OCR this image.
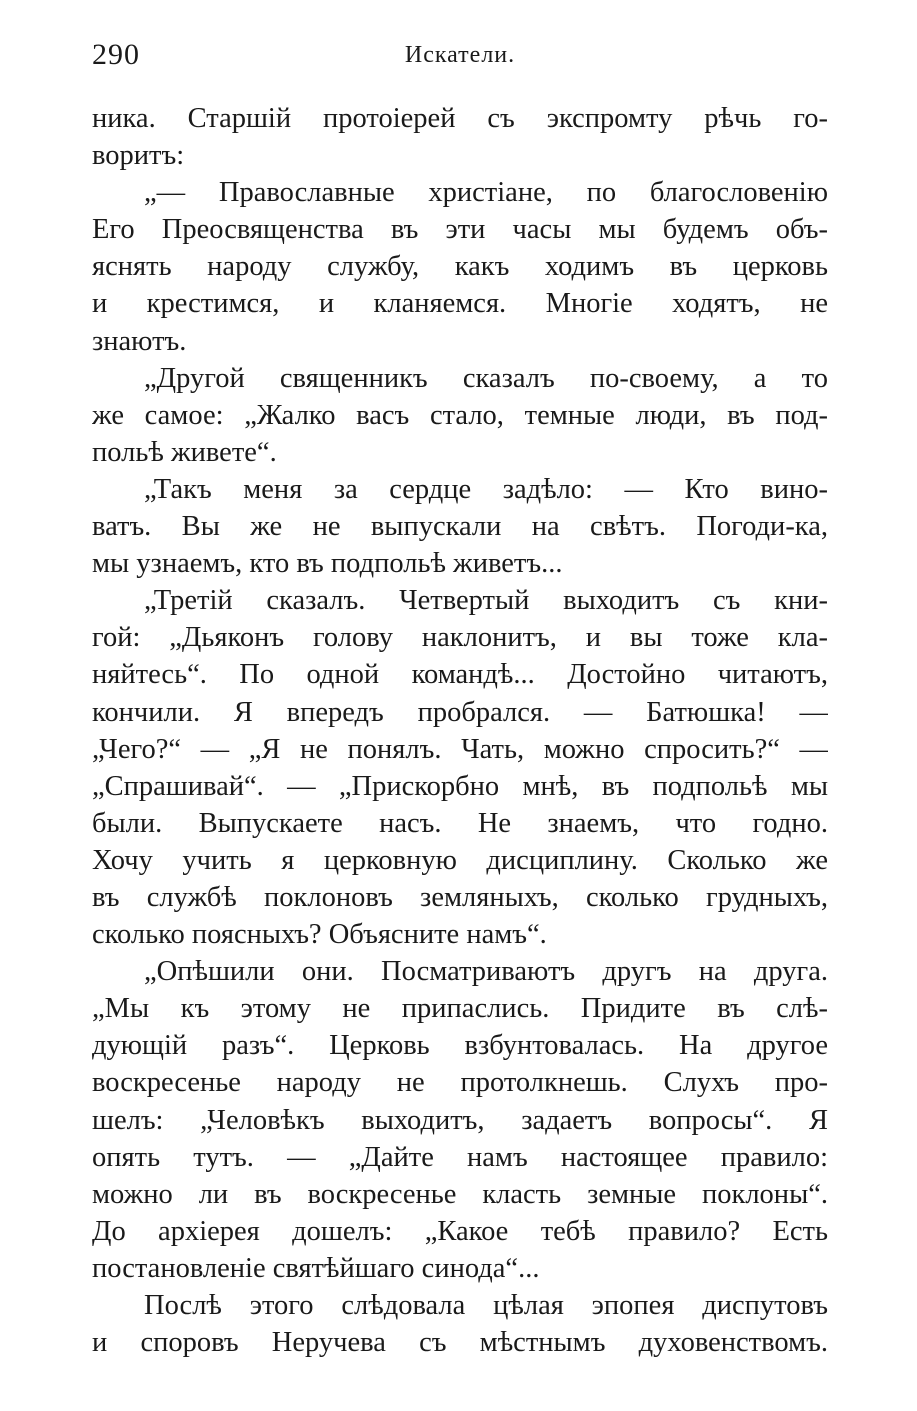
290	Искатели.
ника. Старшій протоіерей съ экспромту рѣчь го-
воритъ:
„— Православные христіане, по благословенію
Его Преосвященства въ эти часы мы будемъ объ-
яснять народу службу, какъ ходимъ въ церковь
и крестимся, и кланяемся. Многіе ходятъ, не
знаютъ.
„Другой священникъ сказалъ по-своему, а то
же самое: „Жалко васъ стало, темные люди, въ под-
польѣ живете“.
„Такъ меня за сердце задѣло: — Кто вино-
ватъ. Вы же не выпускали на свѣтъ. Погоди-ка,
мы узнаемъ, кто въ подпольѣ живетъ...
„Третій сказалъ. Четвертый выходитъ съ кни-
гой: „Дьяконъ голову наклонитъ, и вы тоже кла-
няйтесь“. По одной командѣ... Достойно читаютъ,
кончили. Я впередъ пробрался. — Батюшка! —
„Чего?“ — „Я не понялъ. Чать, можно спросить?“ —
„Спрашивай“. — „Прискорбно мнѣ, въ подпольѣ мы
были. Выпускаете насъ. Не знаемъ, что годно.
Хочу учить я церковную дисциплину. Сколько же
въ службѣ поклоновъ земляныхъ, сколько грудныхъ,
сколько поясныхъ? Объясните намъ“.
„Опѣшили они. Посматриваютъ другъ на друга.
„Мы къ этому не припаслись. Придите въ слѣ-
дующій разъ“. Церковь взбунтовалась. На другое
воскресенье народу не протолкнешь. Слухъ про-
шелъ: „Человѣкъ выходитъ, задаетъ вопросы“. Я
опять тутъ. — „Дайте намъ настоящее правило:
можно ли въ воскресенье класть земные поклоны“.
До архіерея дошелъ: „Какое тебѣ правило? Есть
постановленіе святѣйшаго синода“...
Послѣ этого слѣдовала цѣлая эпопея диспутовъ
и споровъ Неручева съ мѣстнымъ духовенствомъ.
